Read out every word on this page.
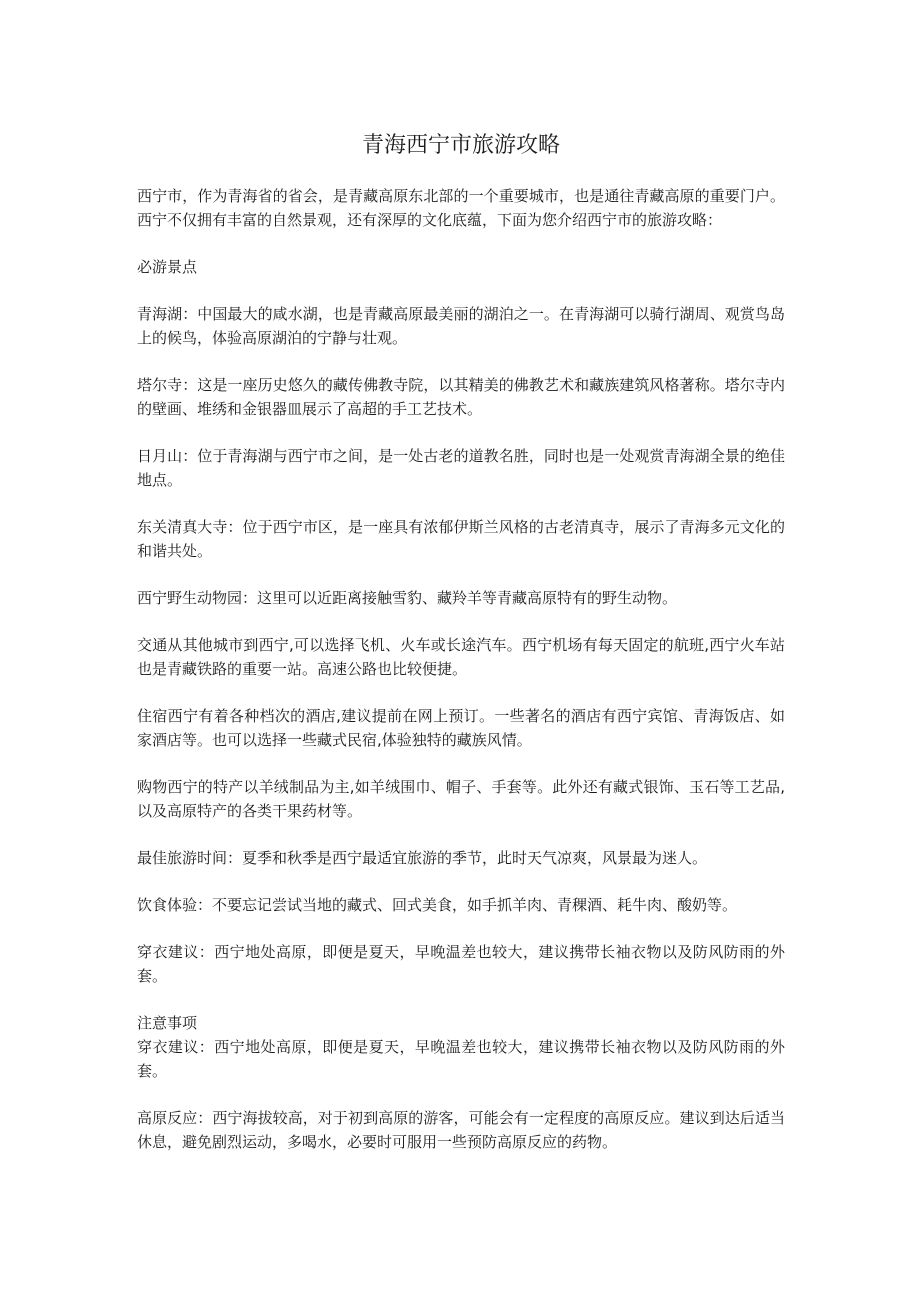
青海西宁市旅游攻略

西宁市，作为青海省的省会，是青藏高原东北部的一个重要城市，也是通往青藏高原的重要门户。西宁不仅拥有丰富的自然景观，还有深厚的文化底蕴，下面为您介绍西宁市的旅游攻略：

必游景点

青海湖：中国最大的咸水湖，也是青藏高原最美丽的湖泊之一。在青海湖可以骑行湖周、观赏鸟岛上的候鸟，体验高原湖泊的宁静与壮观。

塔尔寺：这是一座历史悠久的藏传佛教寺院，以其精美的佛教艺术和藏族建筑风格著称。塔尔寺内的壁画、堆绣和金银器皿展示了高超的手工艺技术。

日月山：位于青海湖与西宁市之间，是一处古老的道教名胜，同时也是一处观赏青海湖全景的绝佳地点。

东关清真大寺：位于西宁市区，是一座具有浓郁伊斯兰风格的古老清真寺，展示了青海多元文化的和谐共处。

西宁野生动物园：这里可以近距离接触雪豹、藏羚羊等青藏高原特有的野生动物。

交通从其他城市到西宁,可以选择飞机、火车或长途汽车。西宁机场有每天固定的航班,西宁火车站也是青藏铁路的重要一站。高速公路也比较便捷。

住宿西宁有着各种档次的酒店,建议提前在网上预订。一些著名的酒店有西宁宾馆、青海饭店、如家酒店等。也可以选择一些藏式民宿,体验独特的藏族风情。

购物西宁的特产以羊绒制品为主,如羊绒围巾、帽子、手套等。此外还有藏式银饰、玉石等工艺品,以及高原特产的各类干果药材等。

最佳旅游时间：夏季和秋季是西宁最适宜旅游的季节，此时天气凉爽，风景最为迷人。

饮食体验：不要忘记尝试当地的藏式、回式美食，如手抓羊肉、青稞酒、耗牛肉、酸奶等。

穿衣建议：西宁地处高原，即便是夏天，早晚温差也较大，建议携带长袖衣物以及防风防雨的外套。

注意事项

穿衣建议：西宁地处高原，即便是夏天，早晚温差也较大，建议携带长袖衣物以及防风防雨的外套。

高原反应：西宁海拔较高，对于初到高原的游客，可能会有一定程度的高原反应。建议到达后适当休息，避免剧烈运动，多喝水，必要时可服用一些预防高原反应的药物。
